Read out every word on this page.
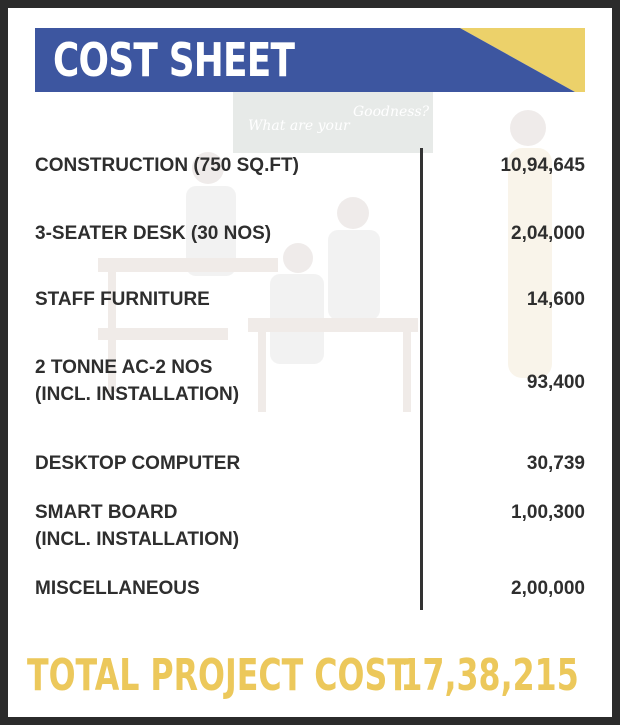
What are your
Goodness?
COST SHEET
CONSTRUCTION (750 SQ.FT)	10,94,645
3-SEATER DESK (30 NOS)	2,04,000
STAFF FURNITURE	14,600
2 TONNE AC-2 NOS
(INCL. INSTALLATION)
93,400
DESKTOP COMPUTER	30,739
SMART BOARD
(INCL. INSTALLATION)
1,00,300
MISCELLANEOUS	2,00,000
TOTAL PROJECT COST
17,38,215
